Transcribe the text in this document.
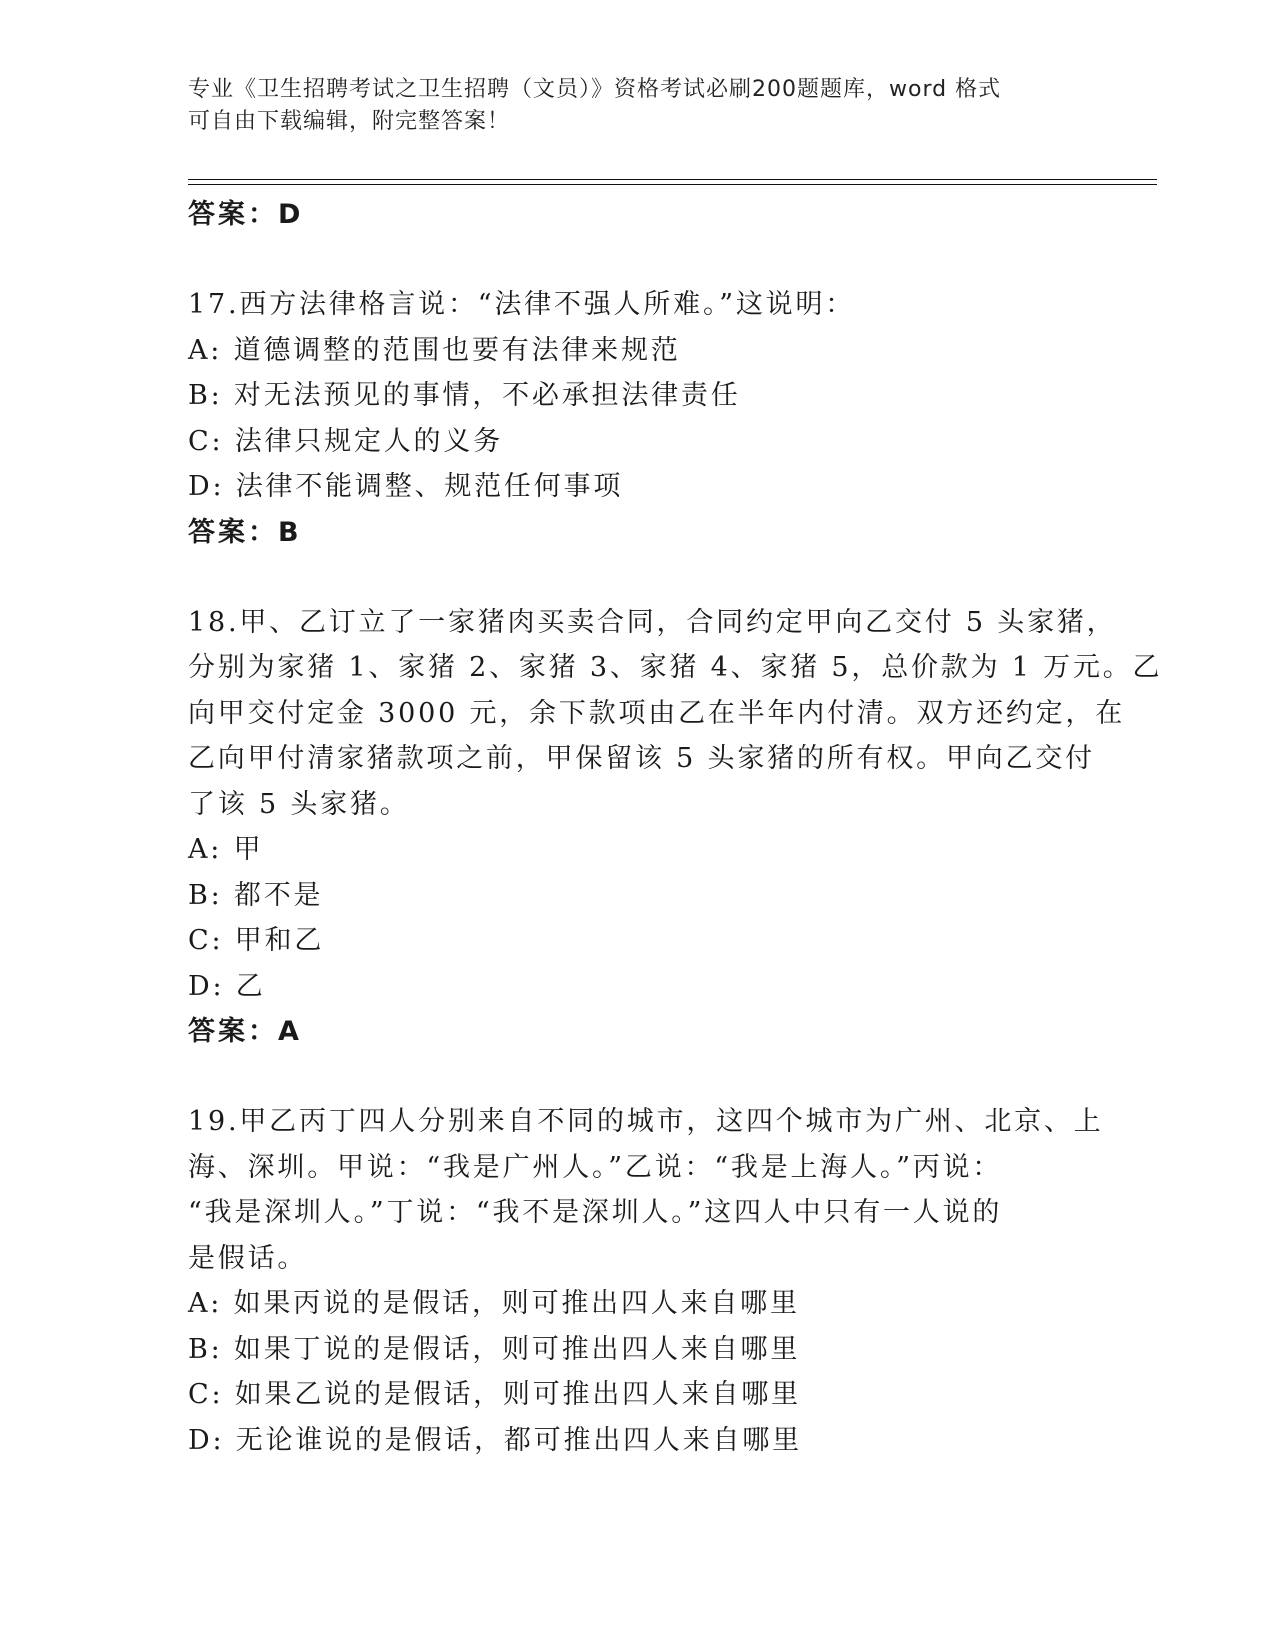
专业《卫生招聘考试之卫生招聘（文员）》资格考试必刷200题题库，word 格式
可自由下载编辑，附完整答案！
答案：D
17.西方法律格言说：“法律不强人所难。”这说明：
A: 道德调整的范围也要有法律来规范
B: 对无法预见的事情，不必承担法律责任
C: 法律只规定人的义务
D: 法律不能调整、规范任何事项
答案：B
18.甲、乙订立了一家猪肉买卖合同，合同约定甲向乙交付 5 头家猪，
分别为家猪 1、家猪 2、家猪 3、家猪 4、家猪 5，总价款为 1 万元。乙
向甲交付定金 3000 元，余下款项由乙在半年内付清。双方还约定，在
乙向甲付清家猪款项之前，甲保留该 5 头家猪的所有权。甲向乙交付
了该 5 头家猪。
A: 甲
B: 都不是
C: 甲和乙
D: 乙
答案：A
19.甲乙丙丁四人分别来自不同的城市，这四个城市为广州、北京、上
海、深圳。甲说：“我是广州人。”乙说：“我是上海人。”丙说：
“我是深圳人。”丁说：“我不是深圳人。”这四人中只有一人说的
是假话。
A: 如果丙说的是假话，则可推出四人来自哪里
B: 如果丁说的是假话，则可推出四人来自哪里
C: 如果乙说的是假话，则可推出四人来自哪里
D: 无论谁说的是假话，都可推出四人来自哪里
